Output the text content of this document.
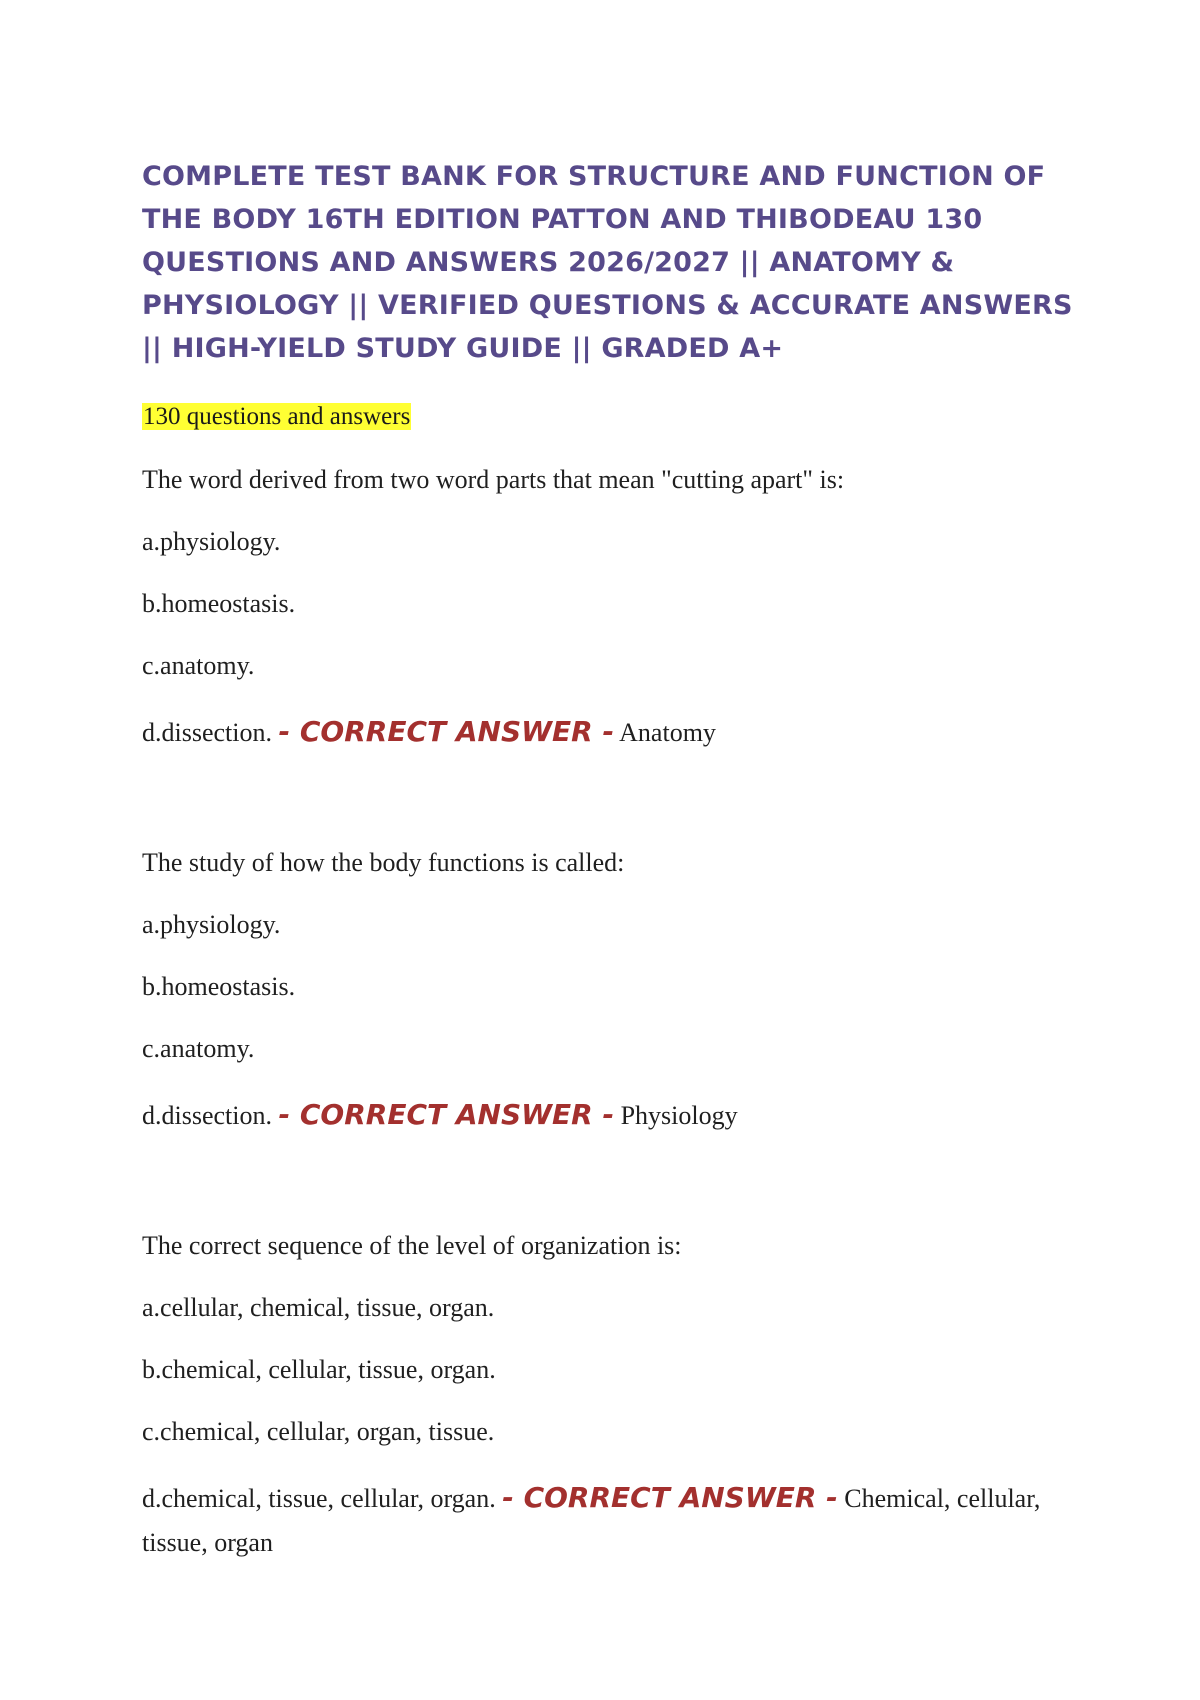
COMPLETE TEST BANK FOR STRUCTURE AND FUNCTION OF THE BODY 16TH EDITION PATTON AND THIBODEAU 130 QUESTIONS AND ANSWERS 2026/2027 || ANATOMY & PHYSIOLOGY || VERIFIED QUESTIONS & ACCURATE ANSWERS || HIGH-YIELD STUDY GUIDE || GRADED A+
130 questions and answers

The word derived from two word parts that mean "cutting apart" is:

a.physiology.

b.homeostasis.

c.anatomy.

d.dissection. - CORRECT ANSWER - Anatomy

The study of how the body functions is called:

a.physiology.

b.homeostasis.

c.anatomy.

d.dissection. - CORRECT ANSWER - Physiology

The correct sequence of the level of organization is:

a.cellular, chemical, tissue, organ.

b.chemical, cellular, tissue, organ.

c.chemical, cellular, organ, tissue.

d.chemical, tissue, cellular, organ. - CORRECT ANSWER - Chemical, cellular, tissue, organ
